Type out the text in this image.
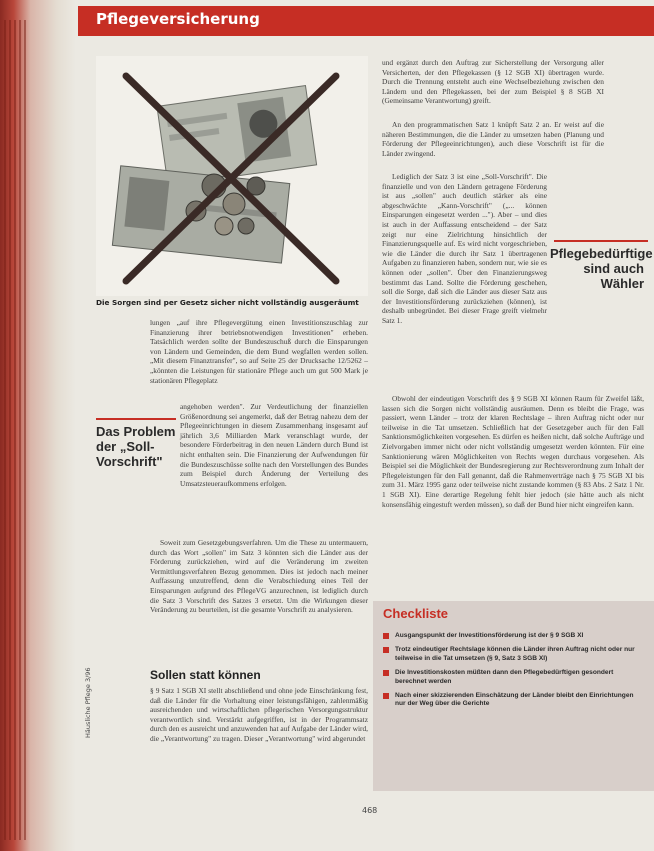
Pflegeversicherung
Die Sorgen sind per Gesetz sicher nicht vollständig ausgeräumt
lungen „auf ihre Pflegevergütung einen Investitionszuschlag zur Finanzierung ihrer betriebsnotwendigen Investitionen" erheben. Tatsächlich werden sollte der Bundeszuschuß durch die Einsparungen von Ländern und Gemeinden, die dem Bund wegfallen werden sollen. „Mit diesem Finanztransfer", so auf Seite 25 der Drucksache 12/5262 – „könnten die Leistungen für stationäre Pflege auch um gut 500 Mark je stationären Pflegeplatz
Das Problem der „Soll-Vorschrift"
angehoben werden". Zur Verdeutlichung der finanziellen Größenordnung sei angemerkt, daß der Betrag nahezu dem der Pflegeeinrichtungen in diesem Zusammenhang insgesamt auf jährlich 3,6 Milliarden Mark veranschlagt wurde, der besondere Förderbeitrag in den neuen Ländern durch Bund ist nicht enthalten sein. Die Finanzierung der Aufwendungen für die Bundeszuschüsse sollte nach den Vorstellungen des Bundes zum Beispiel durch Änderung der Verteilung des Umsatzsteueraufkommens erfolgen.
Soweit zum Gesetzgebungsverfahren. Um die These zu untermauern, durch das Wort „sollen" im Satz 3 könnten sich die Länder aus der Förderung zurückziehen, wird auf die Veränderung im zweiten Vermittlungsverfahren Bezug genommen. Dies ist jedoch nach meiner Auffassung unzutreffend, denn die Verabschiedung eines Teil der Einsparungen aufgrund des PflegeVG anzurechnen, ist lediglich durch die Satz 3 Vorschrift des Satzes 3 ersetzt. Um die Wirkungen dieser Veränderung zu beurteilen, ist die gesamte Vorschrift zu analysieren.
Sollen statt können
§ 9 Satz 1 SGB XI stellt abschließend und ohne jede Einschränkung fest, daß die Länder für die Vorhaltung einer leistungsfähigen, zahlenmäßig ausreichenden und wirtschaftlichen pflegerischen Versorgungsstruktur verantwortlich sind. Verstärkt aufgegriffen, ist in der Programmsatz durch den es ausreicht und anzuwenden hat auf Aufgabe der Länder wird, die „Verantwortung" zu tragen. Dieser „Verantwortung" wird abgerundet
Häusliche Pflege 3/96
und ergänzt durch den Auftrag zur Sicherstellung der Versorgung aller Versicherten, der den Pflegekassen (§ 12 SGB XI) übertragen wurde. Durch die Trennung entsteht auch eine Wechselbeziehung zwischen den Ländern und den Pflegekassen, bei der zum Beispiel § 8 SGB XI (Gemeinsame Verantwortung) greift.
An den programmatischen Satz 1 knüpft Satz 2 an. Er weist auf die näheren Bestimmungen, die die Länder zu umsetzen haben (Planung und Förderung der Pflegeeinrichtungen), auch diese Vorschrift ist für die Länder zwingend.
Lediglich der Satz 3 ist eine „Soll-Vorschrift". Die finanzielle und von den Ländern getragene Förderung ist aus „sollen" auch deutlich stärker als eine abgeschwächte „Kann-Vorschrift" („... können Einsparungen eingesetzt werden ..."). Aber – und dies ist auch in der Auffassung entscheidend – der Satz zeigt nur eine Zielrichtung hinsichtlich der Finanzierungsquelle auf. Es wird nicht vorgeschrieben, wie die Länder die durch ihr Satz 1 übertragenen Aufgaben zu finanzieren haben, sondern nur, wie sie es können oder „sollen". Über den Finanzierungsweg bestimmt das Land. Sollte die Förderung geschehen, soll die Sorge, daß sich die Länder aus dieser Satz aus der Investitionsförderung zurückziehen (können), ist deshalb unbegründet. Bei dieser Frage greift vielmehr Satz 1.
Pflegebedürftige sind auch Wähler
Obwohl der eindeutigen Vorschrift des § 9 SGB XI können Raum für Zweifel läßt, lassen sich die Sorgen nicht vollständig ausräumen. Denn es bleibt die Frage, was passiert, wenn Länder – trotz der klaren Rechtslage – ihren Auftrag nicht oder nur teilweise in die Tat umsetzen. Schließlich hat der Gesetzgeber auch für den Fall Sanktionsmöglichkeiten vorgesehen. Es dürfen es heißen nicht, daß solche Aufträge und Zielvorgaben immer nicht oder nicht vollständig umgesetzt werden könnten. Für eine Sanktionierung wären Möglichkeiten von Rechts wegen durchaus vorgesehen. Als Beispiel sei die Möglichkeit der Bundesregierung zur Rechtsverordnung zum Inhalt der Pflegeleistungen für den Fall genannt, daß die Rahmenverträge nach § 75 SGB XI bis zum 31. März 1995 ganz oder teilweise nicht zustande kommen (§ 83 Abs. 2 Satz 1 Nr. 1 SGB XI). Eine derartige Regelung fehlt hier jedoch (sie hätte auch als nicht konsensfähig eingestuft werden müssen), so daß der Bund hier nicht eingreifen kann.
Checkliste
Ausgangspunkt der Investitionsförderung ist der § 9 SGB XI
Trotz eindeutiger Rechtslage können die Länder ihren Auftrag nicht oder nur teilweise in die Tat umsetzen (§ 9, Satz 3 SGB XI)
Die Investitionskosten müßten dann den Pflegebedürftigen gesondert berechnet werden
Nach einer skizzierenden Einschätzung der Länder bleibt den Einrichtungen nur der Weg über die Gerichte
468
